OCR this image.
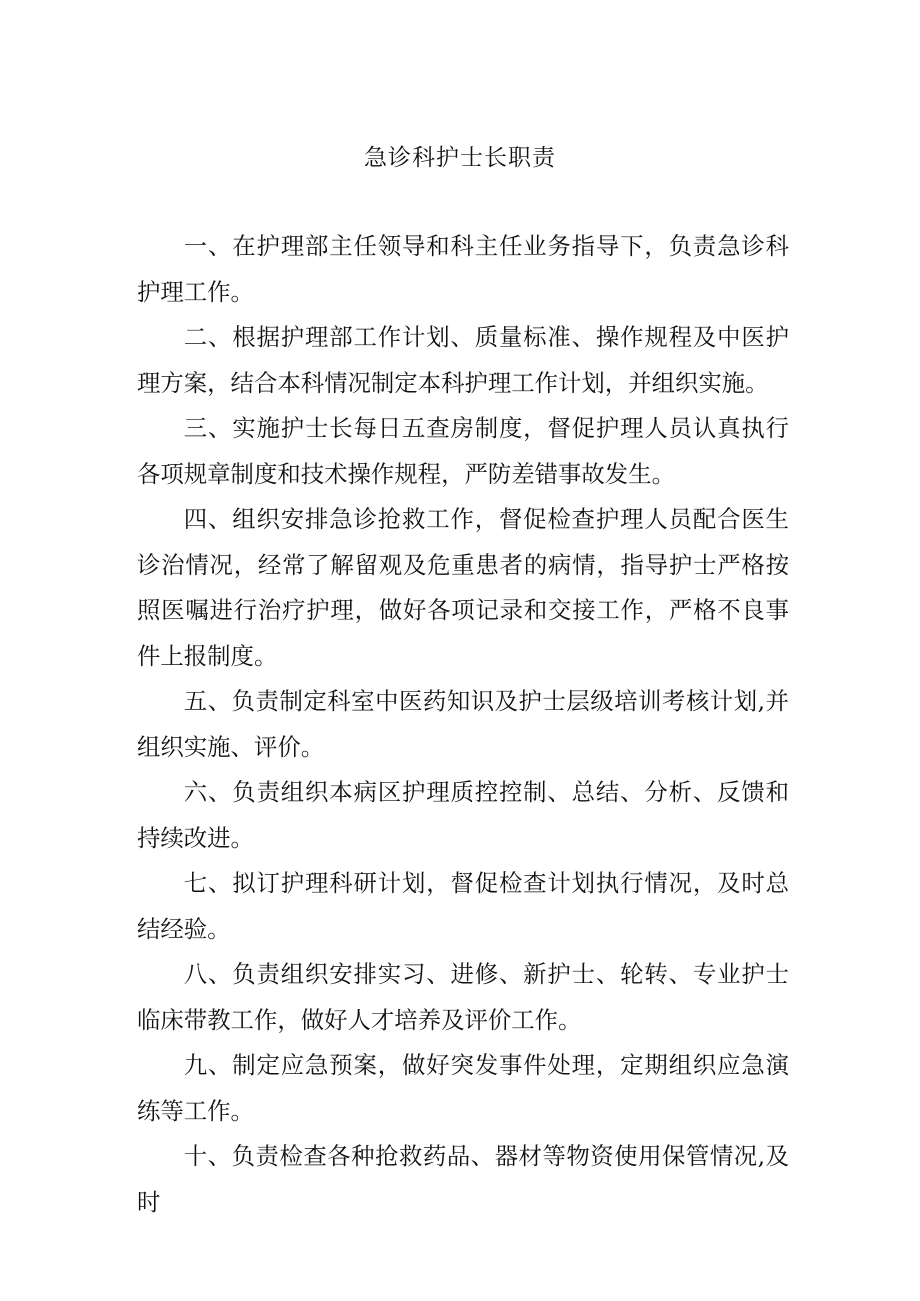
急诊科护士长职责

一、在护理部主任领导和科主任业务指导下，负责急诊科护理工作。

二、根据护理部工作计划、质量标准、操作规程及中医护理方案，结合本科情况制定本科护理工作计划，并组织实施。

三、实施护士长每日五查房制度，督促护理人员认真执行各项规章制度和技术操作规程，严防差错事故发生。

四、组织安排急诊抢救工作，督促检查护理人员配合医生诊治情况，经常了解留观及危重患者的病情，指导护士严格按照医嘱进行治疗护理，做好各项记录和交接工作，严格不良事件上报制度。

五、负责制定科室中医药知识及护士层级培训考核计划,并组织实施、评价。

六、负责组织本病区护理质控控制、总结、分析、反馈和持续改进。

七、拟订护理科研计划，督促检查计划执行情况，及时总结经验。

八、负责组织安排实习、进修、新护士、轮转、专业护士临床带教工作，做好人才培养及评价工作。

九、制定应急预案，做好突发事件处理，定期组织应急演练等工作。

十、负责检查各种抢救药品、器材等物资使用保管情况,及时
